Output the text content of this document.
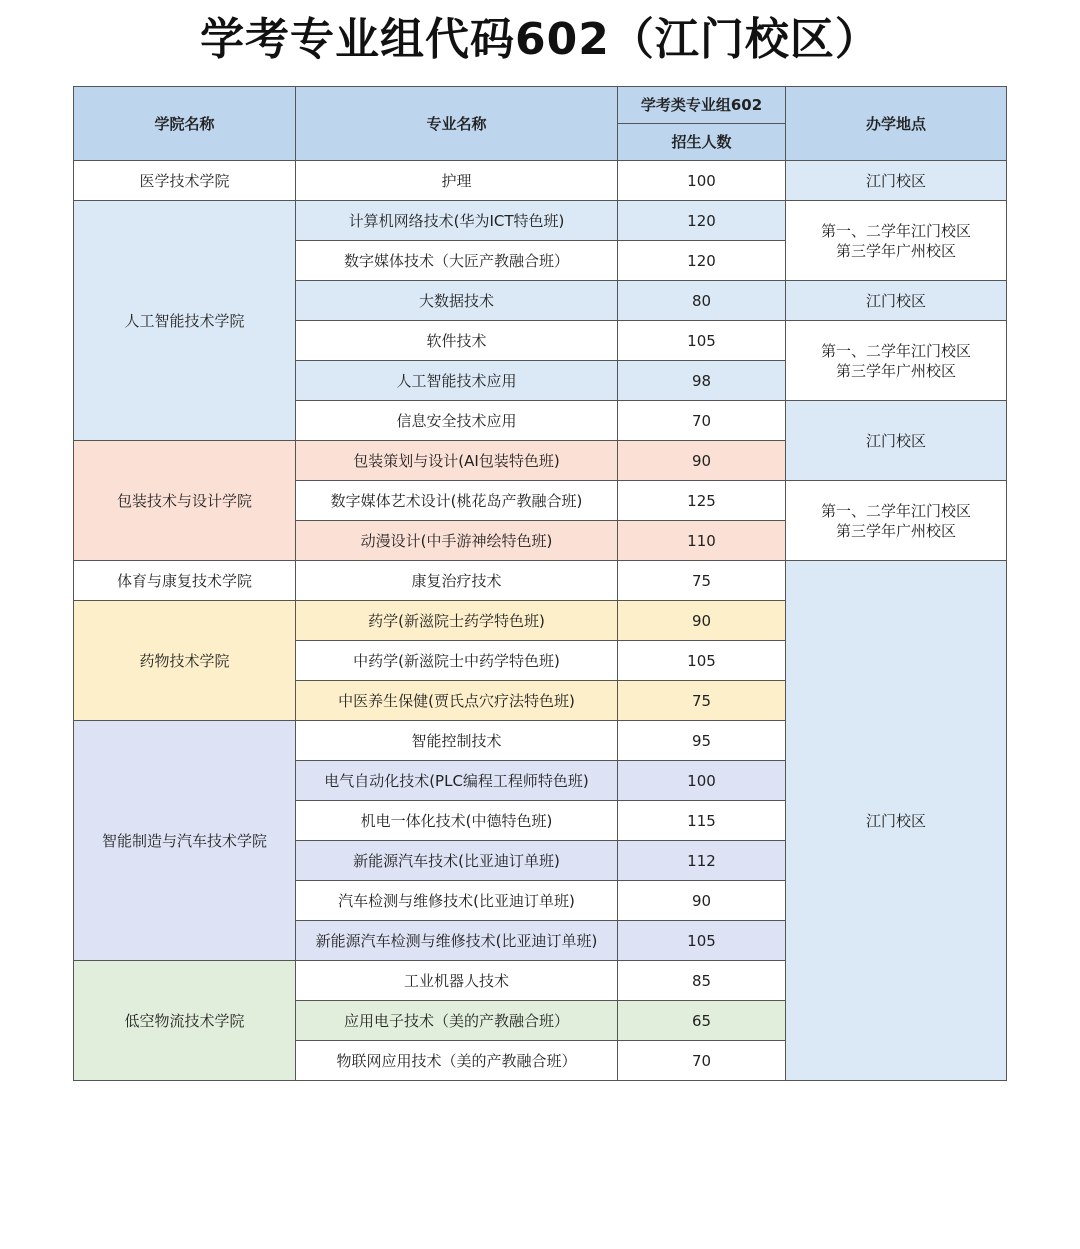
学考专业组代码602（江门校区）
学院名称	专业名称	学考类专业组602	办学地点
		招生人数	
医学技术学院	护理	100	江门校区
人工智能技术学院	计算机网络技术(华为ICT特色班)	120	第一、二学年江门校区
第三学年广州校区

	数字媒体技术（大匠产教融合班）	120	
	大数据技术	80	江门校区
	软件技术	105	第一、二学年江门校区
第三学年广州校区

	人工智能技术应用	98	
	信息安全技术应用	70	江门校区
包装技术与设计学院	包装策划与设计(AI包装特色班)	90	
	数字媒体艺术设计(桃花岛产教融合班)	125	第一、二学年江门校区
第三学年广州校区

	动漫设计(中手游神绘特色班)	110	
体育与康复技术学院	康复治疗技术	75	江门校区
药物技术学院	药学(新滋院士药学特色班)	90	
	中药学(新滋院士中药学特色班)	105	
	中医养生保健(贾氏点穴疗法特色班)	75	
智能制造与汽车技术学院	智能控制技术	95	
	电气自动化技术(PLC编程工程师特色班)	100	
	机电一体化技术(中德特色班)	115	
	新能源汽车技术(比亚迪订单班)	112	
	汽车检测与维修技术(比亚迪订单班)	90	
	新能源汽车检测与维修技术(比亚迪订单班)	105	
低空物流技术学院	工业机器人技术	85	
	应用电子技术（美的产教融合班）	65	
	物联网应用技术（美的产教融合班）	70	
